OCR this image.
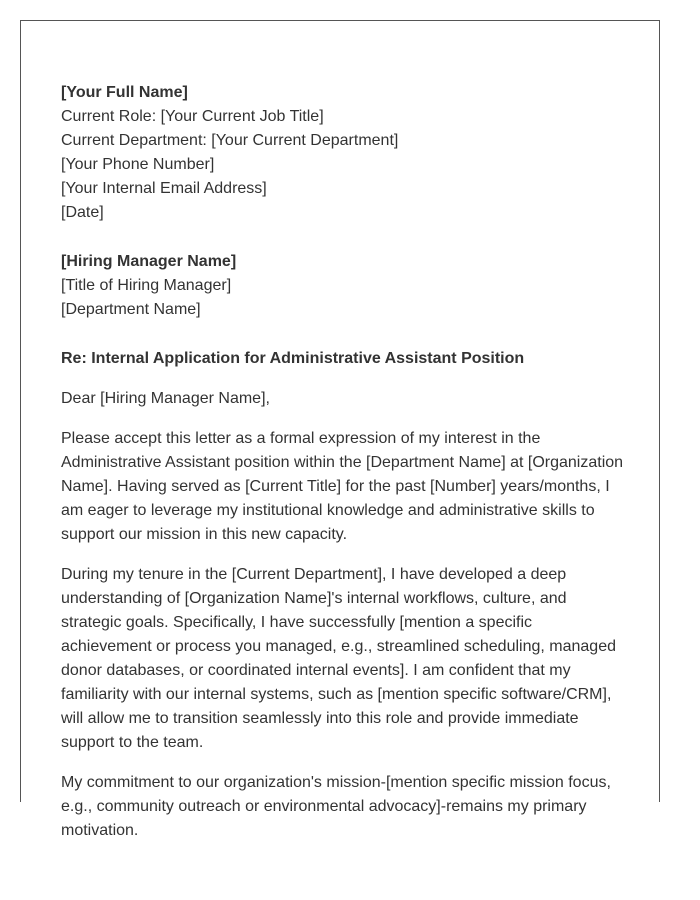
[Your Full Name]
Current Role: [Your Current Job Title]
Current Department: [Your Current Department]
[Your Phone Number]
[Your Internal Email Address]
[Date]
[Hiring Manager Name]
[Title of Hiring Manager]
[Department Name]
Re: Internal Application for Administrative Assistant Position
Dear [Hiring Manager Name],

Please accept this letter as a formal expression of my interest in the Administrative Assistant position within the [Department Name] at [Organization Name]. Having served as [Current Title] for the past [Number] years/months, I am eager to leverage my institutional knowledge and administrative skills to support our mission in this new capacity.

During my tenure in the [Current Department], I have developed a deep understanding of [Organization Name]'s internal workflows, culture, and strategic goals. Specifically, I have successfully [mention a specific achievement or process you managed, e.g., streamlined scheduling, managed donor databases, or coordinated internal events]. I am confident that my familiarity with our internal systems, such as [mention specific software/CRM], will allow me to transition seamlessly into this role and provide immediate support to the team.

My commitment to our organization's mission-[mention specific mission focus, e.g., community outreach or environmental advocacy]-remains my primary motivation.
